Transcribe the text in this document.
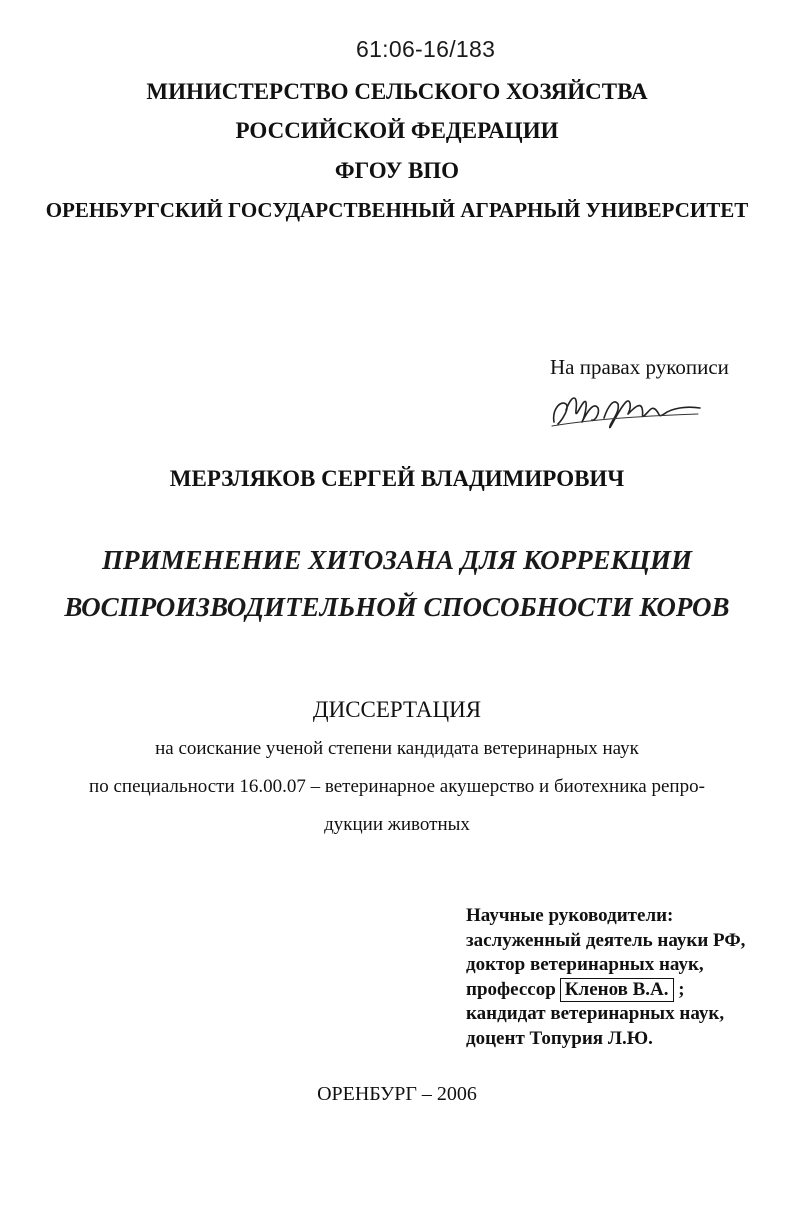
61:06-16/183
МИНИСТЕРСТВО СЕЛЬСКОГО ХОЗЯЙСТВА
РОССИЙСКОЙ ФЕДЕРАЦИИ
ФГОУ ВПО
ОРЕНБУРГСКИЙ ГОСУДАРСТВЕННЫЙ АГРАРНЫЙ УНИВЕРСИТЕТ
На правах рукописи
МЕРЗЛЯКОВ СЕРГЕЙ ВЛАДИМИРОВИЧ
ПРИМЕНЕНИЕ ХИТОЗАНА ДЛЯ КОРРЕКЦИИ
ВОСПРОИЗВОДИТЕЛЬНОЙ СПОСОБНОСТИ КОРОВ
ДИССЕРТАЦИЯ
на соискание ученой степени кандидата ветеринарных наук
по специальности 16.00.07 – ветеринарное акушерство и биотехника репро-
дукции животных
Научные руководители:
заслуженный деятель науки РФ,
доктор ветеринарных наук,
профессор Кленов В.А. ;
кандидат ветеринарных наук,
доцент Топурия Л.Ю.
ОРЕНБУРГ – 2006
